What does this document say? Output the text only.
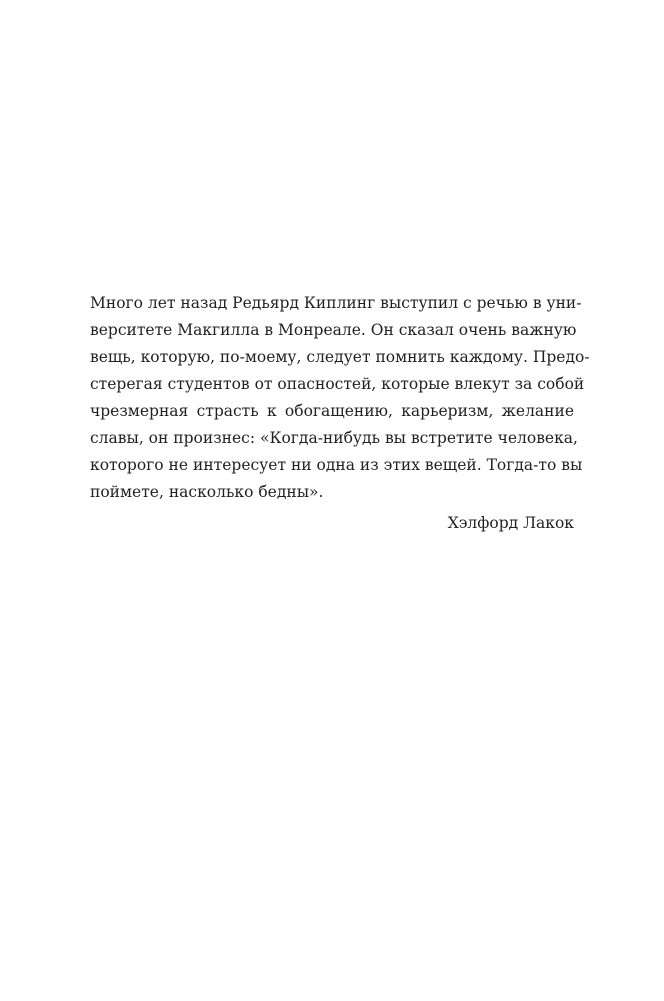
Много лет назад Редьярд Киплинг выступил с речью в уни-
верситете Макгилла в Монреале. Он сказал очень важную
вещь, которую, по-моему, следует помнить каждому. Предо-
стерегая студентов от опасностей, которые влекут за собой
чрезмерная страсть к обогащению, карьеризм, желание
славы, он произнес: «Когда-нибудь вы встретите человека,
которого не интересует ни одна из этих вещей. Тогда-то вы
поймете, насколько бедны».
Хэлфорд Лакок
